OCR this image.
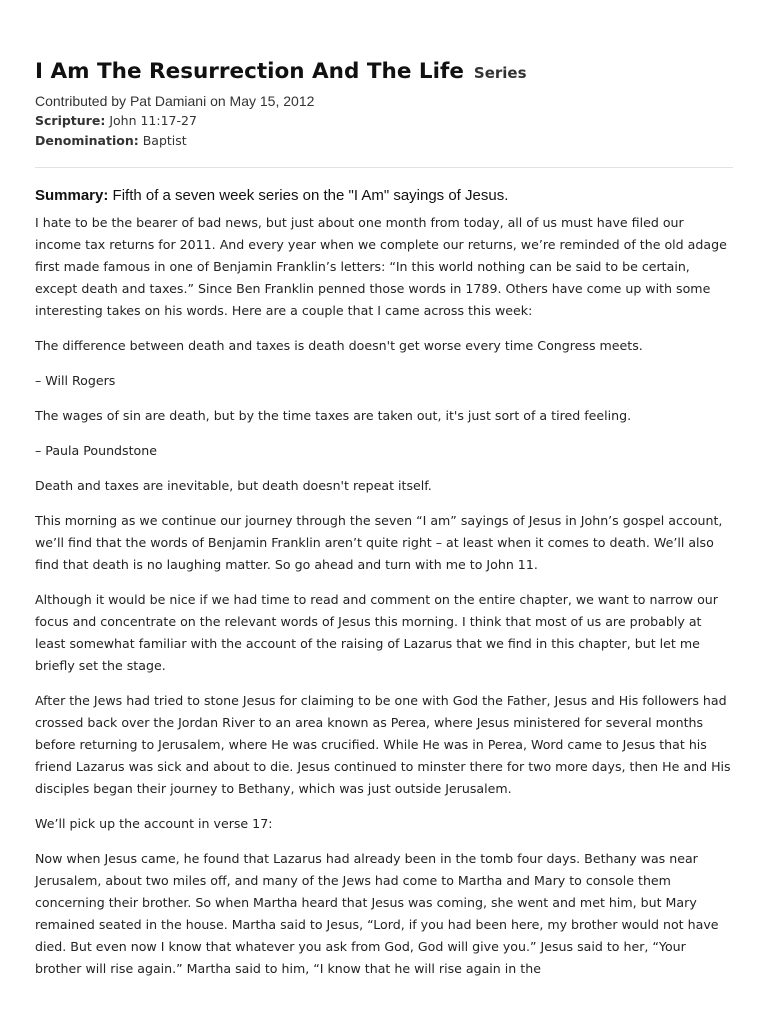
I Am The Resurrection And The Life Series

Contributed by Pat Damiani on May 15, 2012

Scripture: John 11:17-27

Denomination: Baptist

Summary: Fifth of a seven week series on the "I Am" sayings of Jesus.

I hate to be the bearer of bad news, but just about one month from today, all of us must have filed our income tax returns for 2011. And every year when we complete our returns, we’re reminded of the old adage first made famous in one of Benjamin Franklin’s letters: “In this world nothing can be said to be certain, except death and taxes.” Since Ben Franklin penned those words in 1789. Others have come up with some interesting takes on his words. Here are a couple that I came across this week:

The difference between death and taxes is death doesn't get worse every time Congress meets.

– Will Rogers

The wages of sin are death, but by the time taxes are taken out, it's just sort of a tired feeling.

– Paula Poundstone

Death and taxes are inevitable, but death doesn't repeat itself.

This morning as we continue our journey through the seven “I am” sayings of Jesus in John’s gospel account, we’ll find that the words of Benjamin Franklin aren’t quite right – at least when it comes to death. We’ll also find that death is no laughing matter. So go ahead and turn with me to John 11.

Although it would be nice if we had time to read and comment on the entire chapter, we want to narrow our focus and concentrate on the relevant words of Jesus this morning. I think that most of us are probably at least somewhat familiar with the account of the raising of Lazarus that we find in this chapter, but let me briefly set the stage.

After the Jews had tried to stone Jesus for claiming to be one with God the Father, Jesus and His followers had crossed back over the Jordan River to an area known as Perea, where Jesus ministered for several months before returning to Jerusalem, where He was crucified. While He was in Perea, Word came to Jesus that his friend Lazarus was sick and about to die. Jesus continued to minster there for two more days, then He and His disciples began their journey to Bethany, which was just outside Jerusalem.

We’ll pick up the account in verse 17:

Now when Jesus came, he found that Lazarus had already been in the tomb four days. Bethany was near Jerusalem, about two miles off, and many of the Jews had come to Martha and Mary to console them concerning their brother. So when Martha heard that Jesus was coming, she went and met him, but Mary remained seated in the house. Martha said to Jesus, “Lord, if you had been here, my brother would not have died. But even now I know that whatever you ask from God, God will give you.” Jesus said to her, “Your brother will rise again.” Martha said to him, “I know that he will rise again in the
